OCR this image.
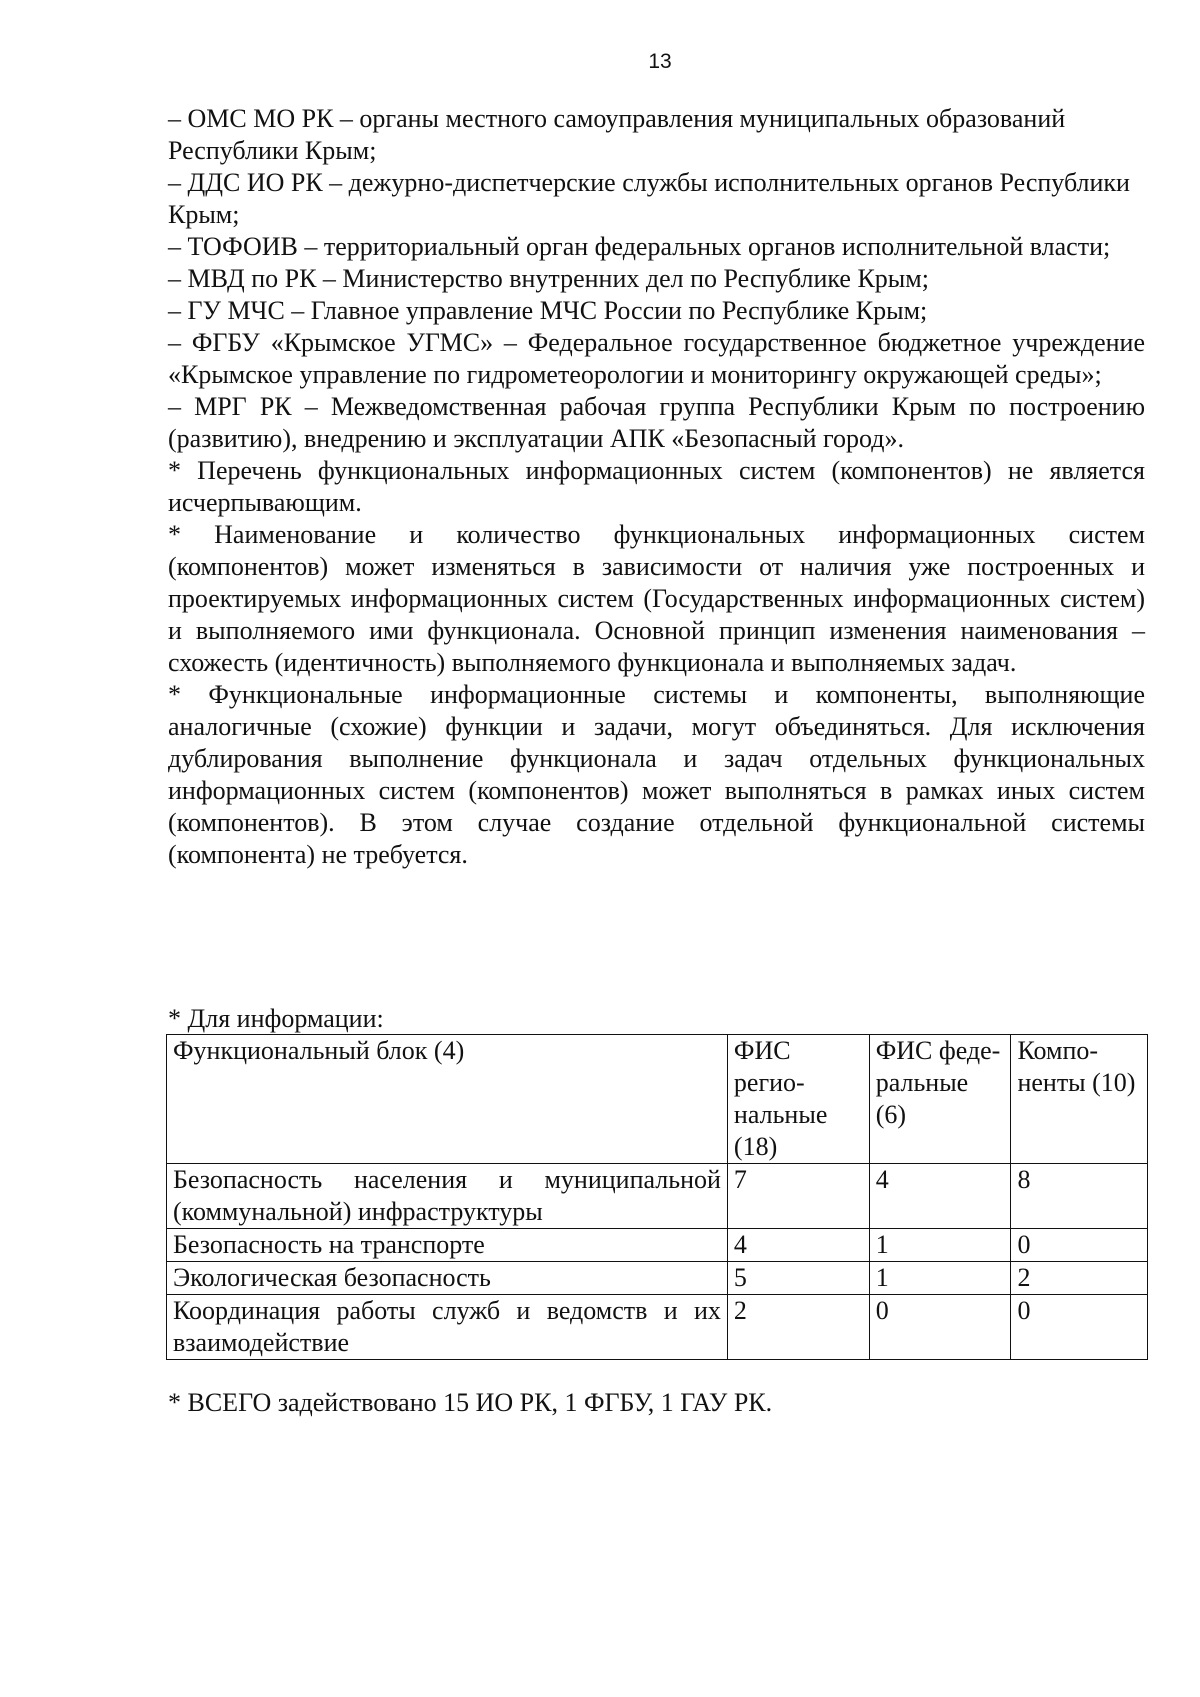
13

– ОМС МО РК – органы местного самоуправления муниципальных образований Республики Крым;

– ДДС ИО РК – дежурно-диспетчерские службы исполнительных органов Республики Крым;

– ТОФОИВ – территориальный орган федеральных органов исполнительной власти;

– МВД по РК – Министерство внутренних дел по Республике Крым;

– ГУ МЧС – Главное управление МЧС России по Республике Крым;

– ФГБУ «Крымское УГМС» – Федеральное государственное бюджетное учреждение «Крымское управление по гидрометеорологии и мониторингу окружающей среды»;

– МРГ РК – Межведомственная рабочая группа Республики Крым по построению (развитию), внедрению и эксплуатации АПК «Безопасный город».

* Перечень функциональных информационных систем (компонентов) не является исчерпывающим.

* Наименование и количество функциональных информационных систем (компонентов) может изменяться в зависимости от наличия уже построенных и проектируемых информационных систем (Государственных информационных систем) и выполняемого ими функционала. Основной принцип изменения наименования – схожесть (идентичность) выполняемого функционала и выполняемых задач.

* Функциональные информационные системы и компоненты, выполняющие аналогичные (схожие) функции и задачи, могут объединяться. Для исключения дублирования выполнение функционала и задач отдельных функциональных информационных систем (компонентов) может выполняться в рамках иных систем (компонентов). В этом случае создание отдельной функциональной системы (компонента) не требуется.

* Для информации:
Функциональный блок (4)	ФИС регио- нальные (18)	ФИС феде- ральные (6)	Компо- ненты (10)
Безопасность населения и муниципальной (коммунальной) инфраструктуры	7	4	8
Безопасность на транспорте	4	1	0
Экологическая безопасность	5	1	2
Координация работы служб и ведомств и их взаимодействие	2	0	0
* ВСЕГО задействовано 15 ИО РК, 1 ФГБУ, 1 ГАУ РК.
